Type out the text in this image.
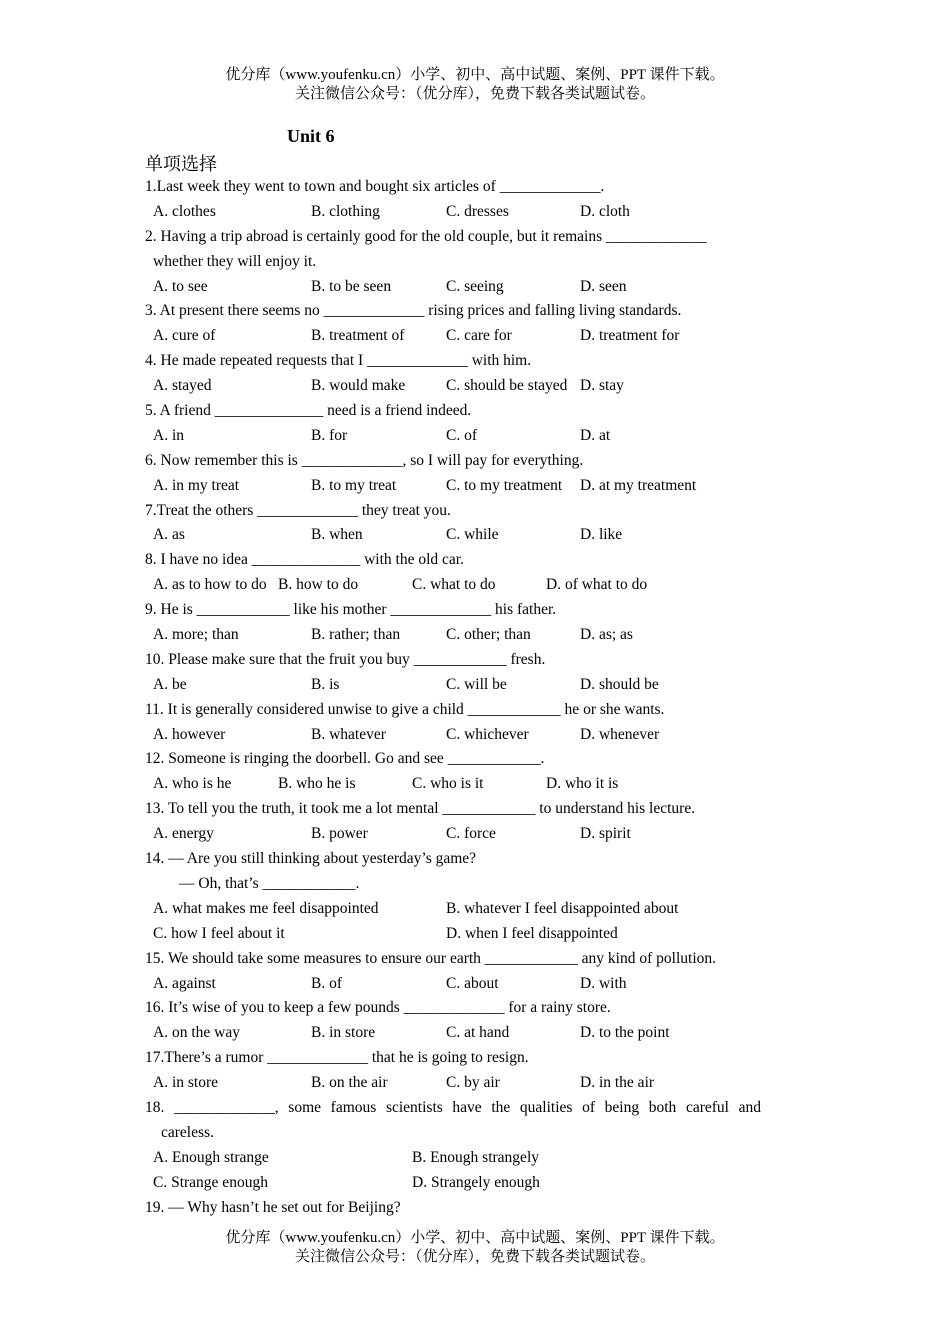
优分库（www.youfenku.cn）小学、初中、高中试题、案例、PPT 课件下载。
关注微信公众号：（优分库），免费下载各类试题试卷。
Unit 6
单项选择
1.Last week they went to town and bought six articles of _____________.
A. clothes	B. clothing	C. dresses	D. cloth
2. Having a trip abroad is certainly good for the old couple, but it remains _____________
whether they will enjoy it.
A. to see	B. to be seen	C. seeing	D. seen
3. At present there seems no _____________ rising prices and falling living standards.
A. cure of	B. treatment of	C. care for	D. treatment for
4. He made repeated requests that I _____________ with him.
A. stayed	B. would make	C. should be stayed D. stay
5. A friend ______________ need is a friend indeed.
A. in	B. for	C. of	D. at
6. Now remember this is _____________, so I will pay for everything.
A. in my treat	B. to my treat	C. to my treatment D. at my treatment
7.Treat the others _____________ they treat you.
A. as	B. when	C. while	D. like
8. I have no idea ______________ with the old car.
A. as to how to do B. how to do	C. what to do	D. of what to do
9. He is ____________ like his mother _____________ his father.
A. more; than	B. rather; than	C. other; than	D. as; as
10. Please make sure that the fruit you buy ____________ fresh.
A. be	B. is	C. will be	D. should be
11. It is generally considered unwise to give a child ____________ he or she wants.
A. however	B. whatever	C. whichever	D. whenever
12. Someone is ringing the doorbell. Go and see ____________.
A. who is he	B. who he is	C. who is it	D. who it is
13. To tell you the truth, it took me a lot mental ____________ to understand his lecture.
A. energy	B. power	C. force	D. spirit
14. — Are you still thinking about yesterday’s game?
— Oh, that’s ____________.
A. what makes me feel disappointed	B. whatever I feel disappointed about
C. how I feel about it	D. when I feel disappointed
15. We should take some measures to ensure our earth ____________ any kind of pollution.
A. against	B. of	C. about	D. with
16. It’s wise of you to keep a few pounds _____________ for a rainy store.
A. on the way	B. in store	C. at hand	D. to the point
17.There’s a rumor _____________ that he is going to resign.
A. in store	B. on the air	C. by air	D. in the air
18. _____________, some famous scientists have the qualities of being both careful and
careless.
A. Enough strange	B. Enough strangely
C. Strange enough	D. Strangely enough
19. — Why hasn’t he set out for Beijing?
优分库（www.youfenku.cn）小学、初中、高中试题、案例、PPT 课件下载。
关注微信公众号：（优分库），免费下载各类试题试卷。
